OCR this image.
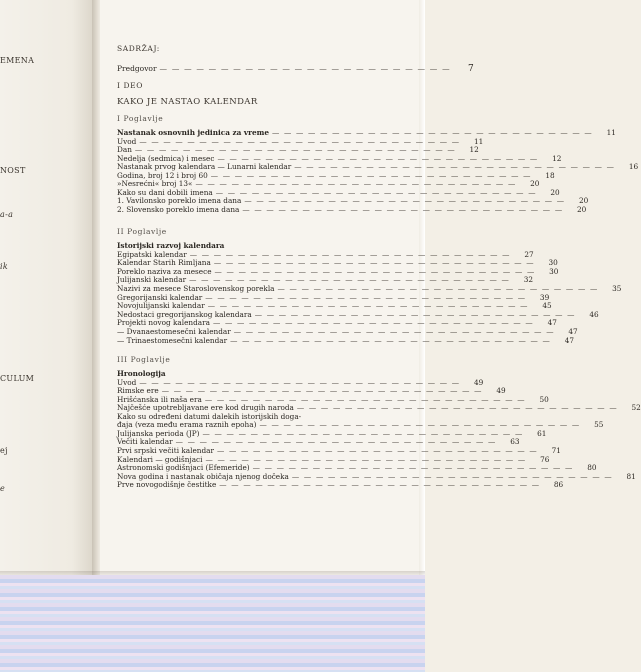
EMENA
NOST
a-a
ik
CULUM
ej
e
SADRŽAJ:
Predgovor — — — — — — — — — — — — — — — — — — — — — — — —	7
I DEO
KAKO JE NASTAO KALENDAR
I Poglavlje
Nastanak osnovnih jedinica za vreme — — — — — — — — — — — — — — — — — — — — — — — — — — —	11
Uvod — — — — — — — — — — — — — — — — — — — — — — — — — — —	11
Dan — — — — — — — — — — — — — — — — — — — — — — — — — — —	12
Nedelja (sedmica) i mesec — — — — — — — — — — — — — — — — — — — — — — — — — — —	12
Nastanak prvog kalendara — Lunarni kalendar — — — — — — — — — — — — — — — — — — — — — — — — — — —	16
Godina, broj 12 i broj 60 — — — — — — — — — — — — — — — — — — — — — — — — — — —	18
»Nesrećni« broj 13« — — — — — — — — — — — — — — — — — — — — — — — — — — —	20
Kako su dani dobili imena — — — — — — — — — — — — — — — — — — — — — — — — — — —	20
1. Vavilonsko poreklo imena dana — — — — — — — — — — — — — — — — — — — — — — — — — — —	20
2. Slovensko poreklo imena dana — — — — — — — — — — — — — — — — — — — — — — — — — — —	20
II Poglavlje
Istorijski razvoj kalendara
Egipatski kalendar — — — — — — — — — — — — — — — — — — — — — — — — — — —	27
Kalendar Starih Rimljana — — — — — — — — — — — — — — — — — — — — — — — — — — —	30
Poreklo naziva za mesece — — — — — — — — — — — — — — — — — — — — — — — — — — —	30
Julijanski kalendar — — — — — — — — — — — — — — — — — — — — — — — — — — —	32
Nazivi za mesece Staroslovenskog porekla — — — — — — — — — — — — — — — — — — — — — — — — — — —	35
Gregorijanski kalendar — — — — — — — — — — — — — — — — — — — — — — — — — — —	39
Novojulijanski kalendar — — — — — — — — — — — — — — — — — — — — — — — — — — —	45
Nedostaci gregorijanskog kalendara — — — — — — — — — — — — — — — — — — — — — — — — — — —	46
Projekti novog kalendara — — — — — — — — — — — — — — — — — — — — — — — — — — —	47
— Dvanaestomesečni kalendar — — — — — — — — — — — — — — — — — — — — — — — — — — —	47
— Trinaestomesečni kalendar — — — — — — — — — — — — — — — — — — — — — — — — — — —	47
III Poglavlje
Hronologija
Uvod — — — — — — — — — — — — — — — — — — — — — — — — — — —	49
Rimske ere — — — — — — — — — — — — — — — — — — — — — — — — — — —	49
Hrišćanska ili naša era — — — — — — — — — — — — — — — — — — — — — — — — — — —	50
Najčešće upotrebljavane ere kod drugih naroda — — — — — — — — — — — — — — — — — — — — — — — — — — —	52
Kako su određeni datumi dalekih istorijskih doga-
đaja (veza među erama raznih epoha) — — — — — — — — — — — — — — — — — — — — — — — — — — —	55
Julijanska perioda (JP) — — — — — — — — — — — — — — — — — — — — — — — — — — —	61
Večiti kalendar — — — — — — — — — — — — — — — — — — — — — — — — — — —	63
Prvi srpski večiti kalendar — — — — — — — — — — — — — — — — — — — — — — — — — — —	71
Kalendari — godišnjaci — — — — — — — — — — — — — — — — — — — — — — — — — — —	76
Astronomski godišnjaci (Efemeride) — — — — — — — — — — — — — — — — — — — — — — — — — — —	80
Nova godina i nastanak običaja njenog dočeka — — — — — — — — — — — — — — — — — — — — — — — — — — —	81
Prve novogodišnje čestitke — — — — — — — — — — — — — — — — — — — — — — — — — — —	86
